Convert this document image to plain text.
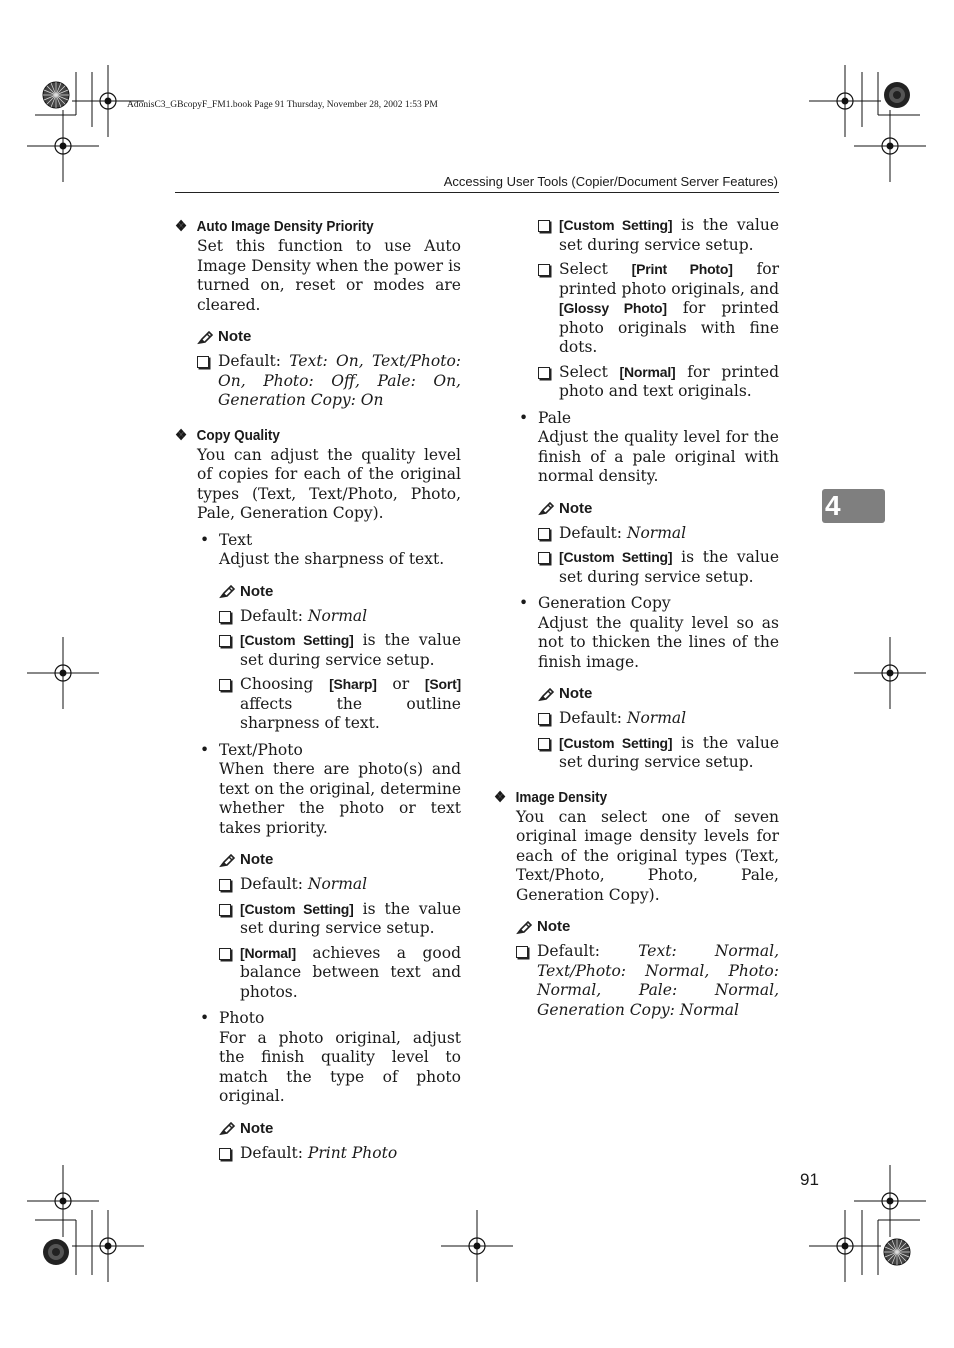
AdonisC3_GBcopyF_FM1.book Page 91 Thursday, November 28, 2002 1:53 PM
Accessing User Tools (Copier/Document Server Features)
4
91
❖ Auto Image Density Priority
Set this function to use Auto Image Density when the power is turned on, reset or modes are cleared.
Note
Default: Text: On, Text/Photo: On, Photo: Off, Pale: On, Generation Copy: On
❖ Copy Quality
You can adjust the quality level of copies for each of the original types (Text, Text/Photo, Photo, Pale, Generation Copy).
• Text
Adjust the sharpness of text.
Note
Default: Normal
[Custom Setting] is the value set during service setup.
Choosing [Sharp] or [Sort] affects the outline sharpness of text.
• Text/Photo
When there are photo(s) and text on the original, determine whether the photo or text takes priority.
Note
Default: Normal
[Custom Setting] is the value set during service setup.
[Normal] achieves a good balance between text and photos.
• Photo
For a photo original, adjust the finish quality level to match the type of photo original.
Note
Default: Print Photo
[Custom Setting] is the value set during service setup.
Select [Print Photo] for printed photo originals, and [Glossy Photo] for printed photo originals with fine dots.
Select [Normal] for printed photo and text originals.
• Pale
Adjust the quality level for the finish of a pale original with normal density.
Note
Default: Normal
[Custom Setting] is the value set during service setup.
• Generation Copy
Adjust the quality level so as not to thicken the lines of the finish image.
Note
Default: Normal
[Custom Setting] is the value set during service setup.
❖ Image Density
You can select one of seven original image density levels for each of the original types (Text, Text/Photo, Photo, Pale, Generation Copy).
Note
Default: Text: Normal, Text/Photo: Normal, Photo: Normal, Pale: Normal, Generation Copy: Normal
